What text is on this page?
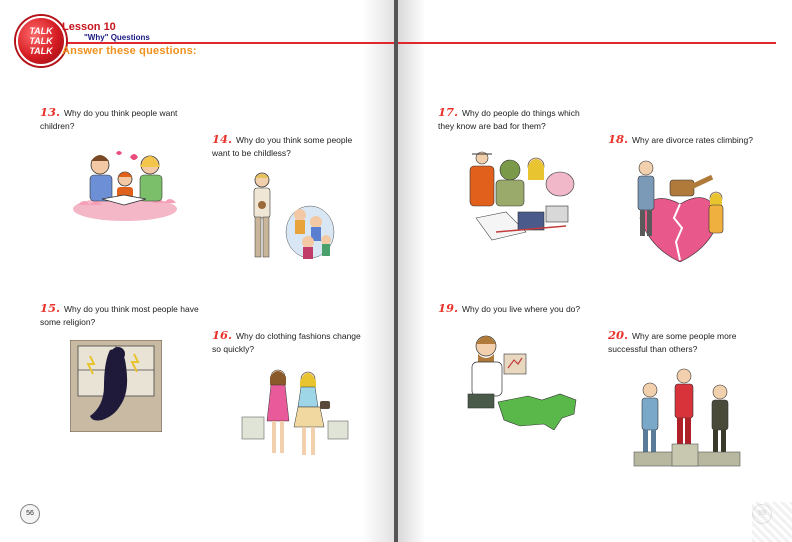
TALK
TALK
TALK
Lesson 10
"Why" Questions
Answer these questions:
13. Why do you think people want children?
14. Why do you think some people want to be childless?
15. Why do you think most people have some religion?
16. Why do clothing fashions change so quickly?
56
17. Why do people do things which they know are bad for them?
18. Why are divorce rates climbing?
19. Why do you live where you do?
20. Why are some people more successful than others?
